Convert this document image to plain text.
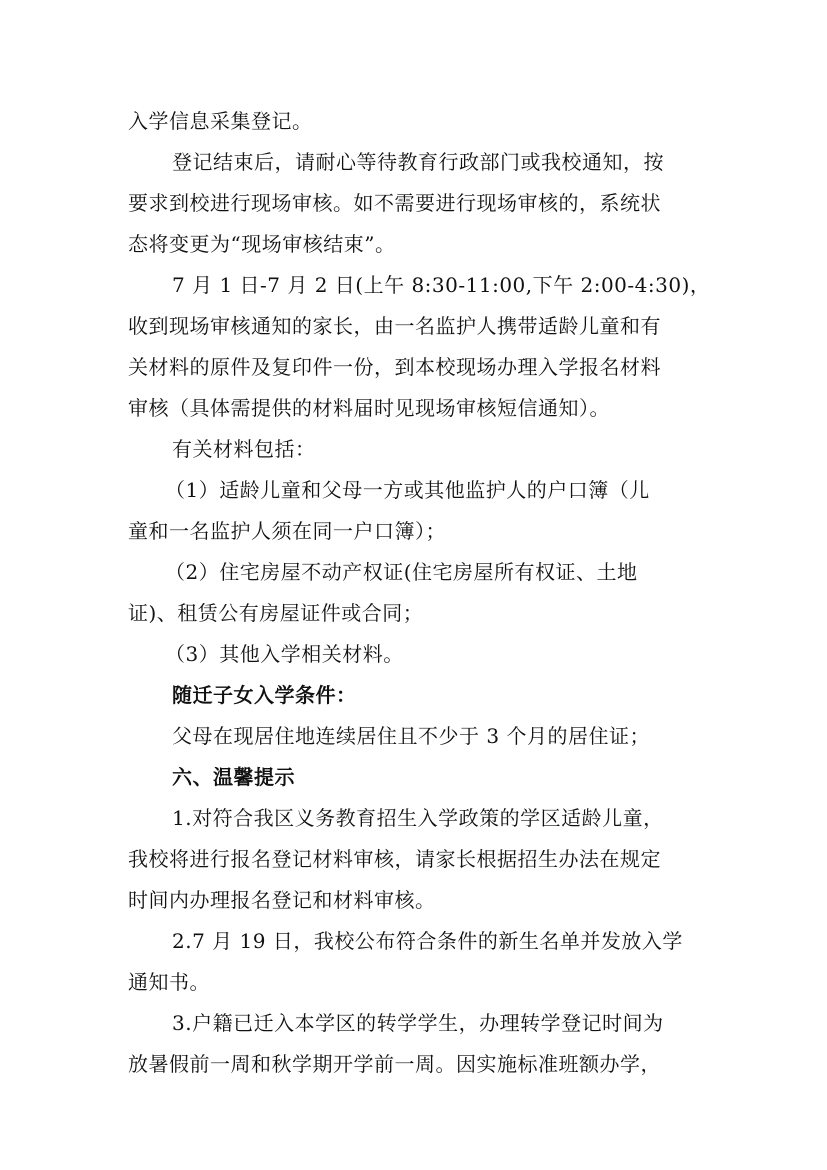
入学信息采集登记。
登记结束后，请耐心等待教育行政部门或我校通知，按
要求到校进行现场审核。如不需要进行现场审核的，系统状
态将变更为“现场审核结束”。
7 月 1 日-7 月 2 日(上午 8:30-11:00,下午 2:00-4:30)，
收到现场审核通知的家长，由一名监护人携带适龄儿童和有
关材料的原件及复印件一份，到本校现场办理入学报名材料
审核（具体需提供的材料届时见现场审核短信通知）。
有关材料包括：
（1）适龄儿童和父母一方或其他监护人的户口簿（儿
童和一名监护人须在同一户口簿）；
（2）住宅房屋不动产权证(住宅房屋所有权证、土地
证)、租赁公有房屋证件或合同；
（3）其他入学相关材料。
随迁子女入学条件：
父母在现居住地连续居住且不少于 3 个月的居住证；
六、温馨提示
1.对符合我区义务教育招生入学政策的学区适龄儿童，
我校将进行报名登记材料审核，请家长根据招生办法在规定
时间内办理报名登记和材料审核。
2.7 月 19 日，我校公布符合条件的新生名单并发放入学
通知书。
3.户籍已迁入本学区的转学学生，办理转学登记时间为
放暑假前一周和秋学期开学前一周。因实施标准班额办学，
